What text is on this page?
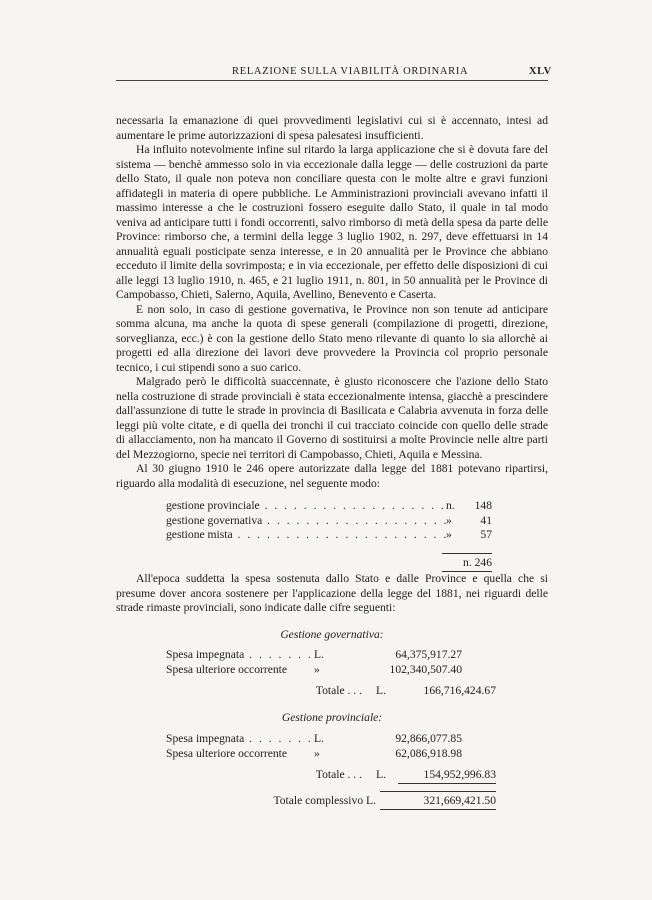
RELAZIONE SULLA VIABILITÀ ORDINARIA	XLV

necessaria la emanazione di quei provvedimenti legislativi cui si è accennato, intesi ad aumentare le prime autorizzazioni di spesa palesatesi insufficienti.

Ha influito notevolmente infine sul ritardo la larga applicazione che si è dovuta fare del sistema — benchè ammesso solo in via eccezionale dalla legge — delle costruzioni da parte dello Stato, il quale non poteva non conciliare questa con le molte altre e gravi funzioni affidategli in materia di opere pubbliche. Le Amministrazioni provinciali avevano infatti il massimo interesse a che le costruzioni fossero eseguite dallo Stato, il quale in tal modo veniva ad anticipare tutti i fondi occorrenti, salvo rimborso di metà della spesa da parte delle Province: rimborso che, a termini della legge 3 luglio 1902, n. 297, deve effettuarsi in 14 annualità eguali posticipate senza interesse, e in 20 annualità per le Province che abbiano ecceduto il limite della sovrimposta; e in via eccezionale, per effetto delle disposizioni di cui alle leggi 13 luglio 1910, n. 465, e 21 luglio 1911, n. 801, in 50 annualità per le Province di Campobasso, Chieti, Salerno, Aquila, Avellino, Benevento e Caserta.

E non solo, in caso di gestione governativa, le Province non son tenute ad anticipare somma alcuna, ma anche la quota di spese generali (compilazione di progetti, direzione, sorveglianza, ecc.) è con la gestione dello Stato meno rilevante di quanto lo sia allorchè ai progetti ed alla direzione dei lavori deve provvedere la Provincia col proprio personale tecnico, i cui stipendi sono a suo carico.

Malgrado però le difficoltà suaccennate, è giusto riconoscere che l'azione dello Stato nella costruzione di strade provinciali è stata eccezionalmente intensa, giacchè a prescindere dall'assunzione di tutte le strade in provincia di Basilicata e Calabria avvenuta in forza delle leggi più volte citate, e di quella dei tronchi il cui tracciato coincide con quello delle strade di allacciamento, non ha mancato il Governo di sostituirsi a molte Provincie nelle altre parti del Mezzogiorno, specie nei territori di Campobasso, Chieti, Aquila e Messina.

Al 30 giugno 1910 le 246 opere autorizzate dalla legge del 1881 potevano ripartirsi, riguardo alla modalità di esecuzione, nel seguente modo:

gestione provinciale . . .	n.	148
gestione governativa . . .	»	41
gestione mista . . .	»	57
n. 246

All'epoca suddetta la spesa sostenuta dallo Stato e dalle Province e quella che si presume dover ancora sostenere per l'applicazione della legge del 1881, nei riguardi delle strade rimaste provinciali, sono indicate dalle cifre seguenti:

Gestione governativa:
Spesa impegnata . . .	L.	64,375,917.27
Spesa ulteriore occorrente	»	102,340,507.40
Totale . . .	L.	166,716,424.67
Gestione provinciale:
Spesa impegnata . . .	L.	92,866,077.85
Spesa ulteriore occorrente	»	62,086,918.98
Totale . . .	L.	154,952,996.83
Totale complessivo L.	321,669,421.50
